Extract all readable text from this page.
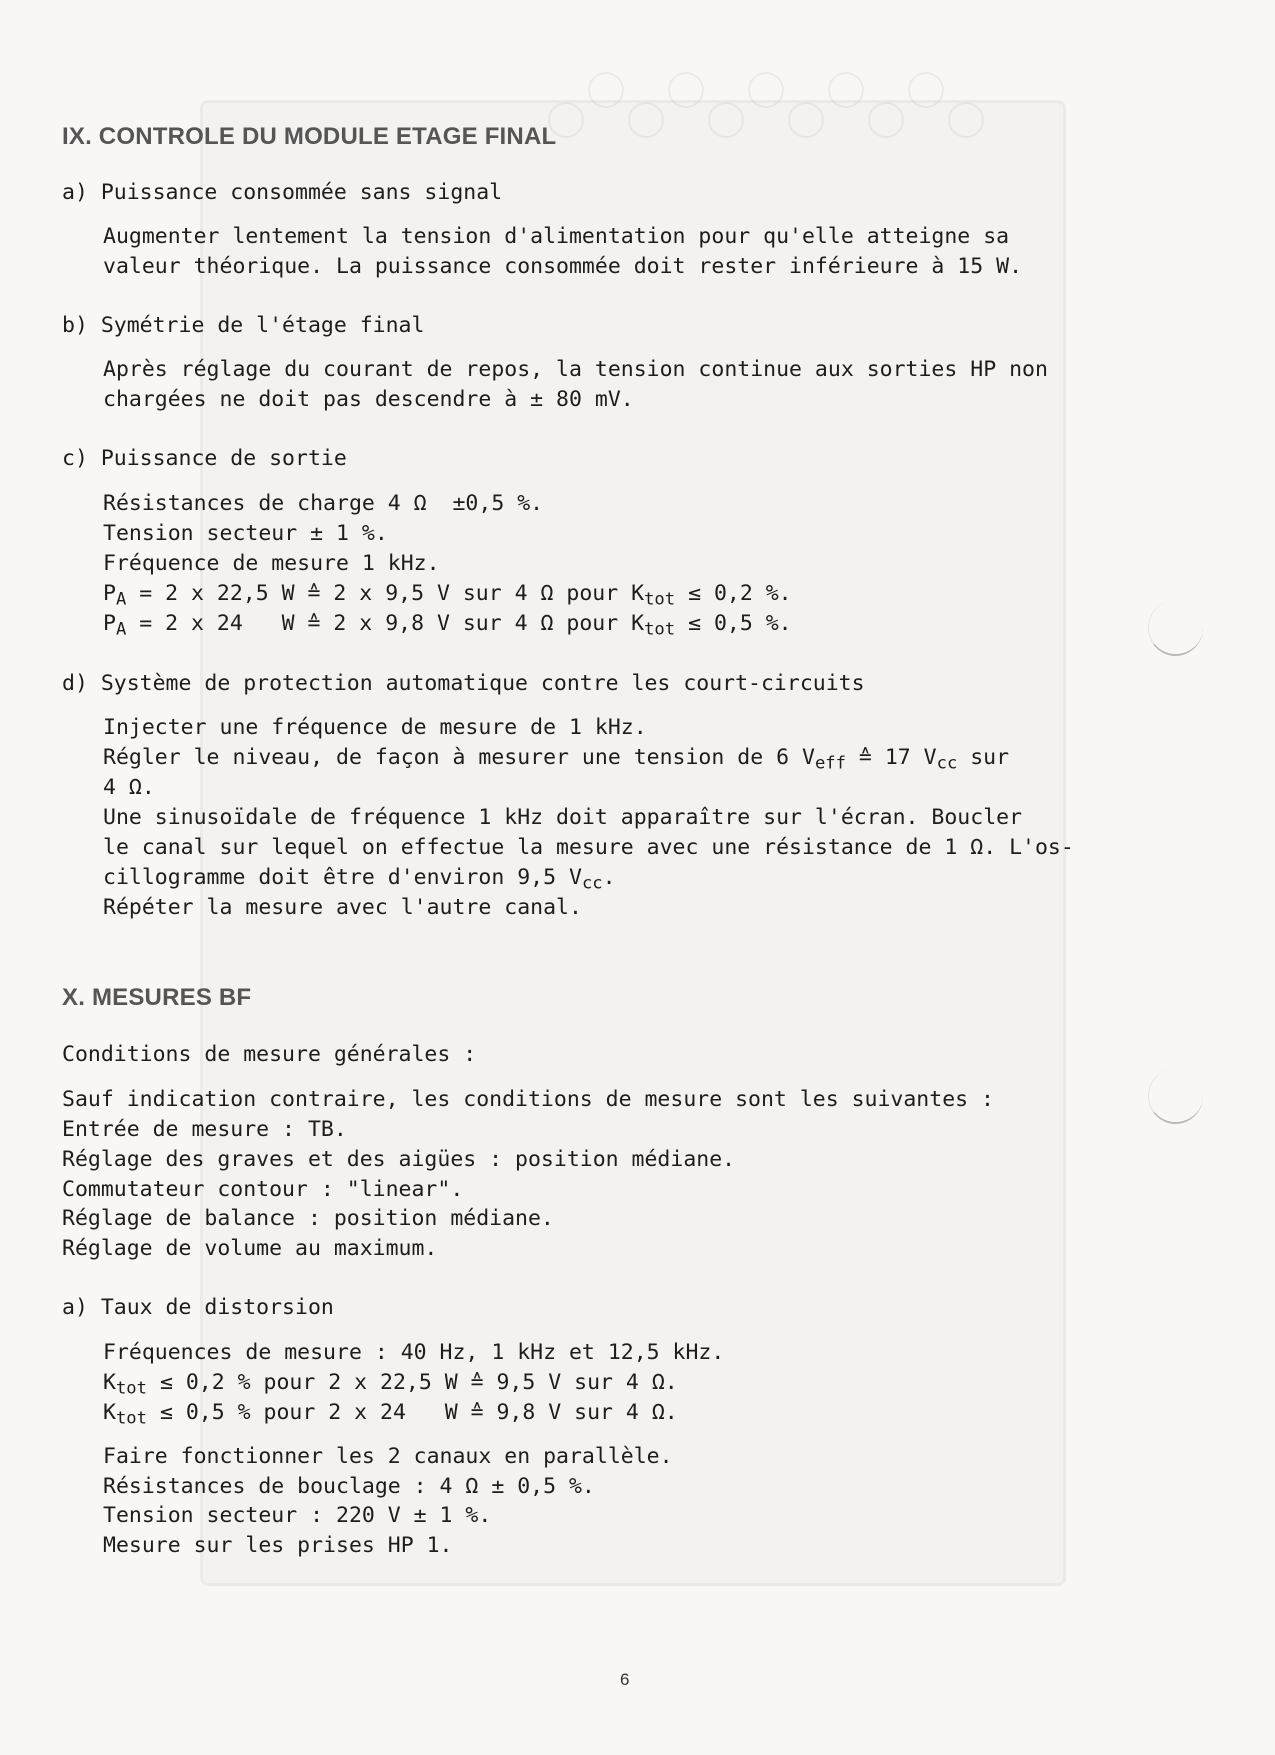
IX. CONTROLE DU MODULE ETAGE FINAL
a) Puissance consommée sans signal
Augmenter lentement la tension d'alimentation pour qu'elle atteigne sa
valeur théorique. La puissance consommée doit rester inférieure à 15 W.
b) Symétrie de l'étage final
Après réglage du courant de repos, la tension continue aux sorties HP non
chargées ne doit pas descendre à ± 80 mV.
c) Puissance de sortie
Résistances de charge 4 Ω  ±0,5 %.
Tension secteur ± 1 %.
Fréquence de mesure 1 kHz.
$P_A = 2$ x 22,5 W ≙ 2 x 9,5 V sur 4 Ω pour $K_{tot} \le 0,2$ %.
$P_A = 2$ x 24   W ≙ 2 x 9,8 V sur 4 Ω pour $K_{tot} \le 0,5$ %.
d) Système de protection automatique contre les court-circuits
Injecter une fréquence de mesure de 1 kHz.
Régler le niveau, de façon à mesurer une tension de 6 $V_{eff}$ ≙ 17 $V_{cc}$ sur
4 Ω.
Une sinusoïdale de fréquence 1 kHz doit apparaître sur l'écran. Boucler
le canal sur lequel on effectue la mesure avec une résistance de 1 Ω. L'os-
cillogramme doit être d'environ 9,5 $V_{cc}$.
Répéter la mesure avec l'autre canal.
X. MESURES BF
Conditions de mesure générales :
Sauf indication contraire, les conditions de mesure sont les suivantes :
Entrée de mesure : TB.
Réglage des graves et des aigües : position médiane.
Commutateur contour : "linear".
Réglage de balance : position médiane.
Réglage de volume au maximum.
a) Taux de distorsion
Fréquences de mesure : 40 Hz, 1 kHz et 12,5 kHz.
$K_{tot} \le 0,2$ % pour 2 x 22,5 W ≙ 9,5 V sur 4 Ω.
$K_{tot} \le 0,5$ % pour 2 x 24   W ≙ 9,8 V sur 4 Ω.
Faire fonctionner les 2 canaux en parallèle.
Résistances de bouclage : 4 Ω ± 0,5 %.
Tension secteur : 220 V ± 1 %.
Mesure sur les prises HP 1.
6
